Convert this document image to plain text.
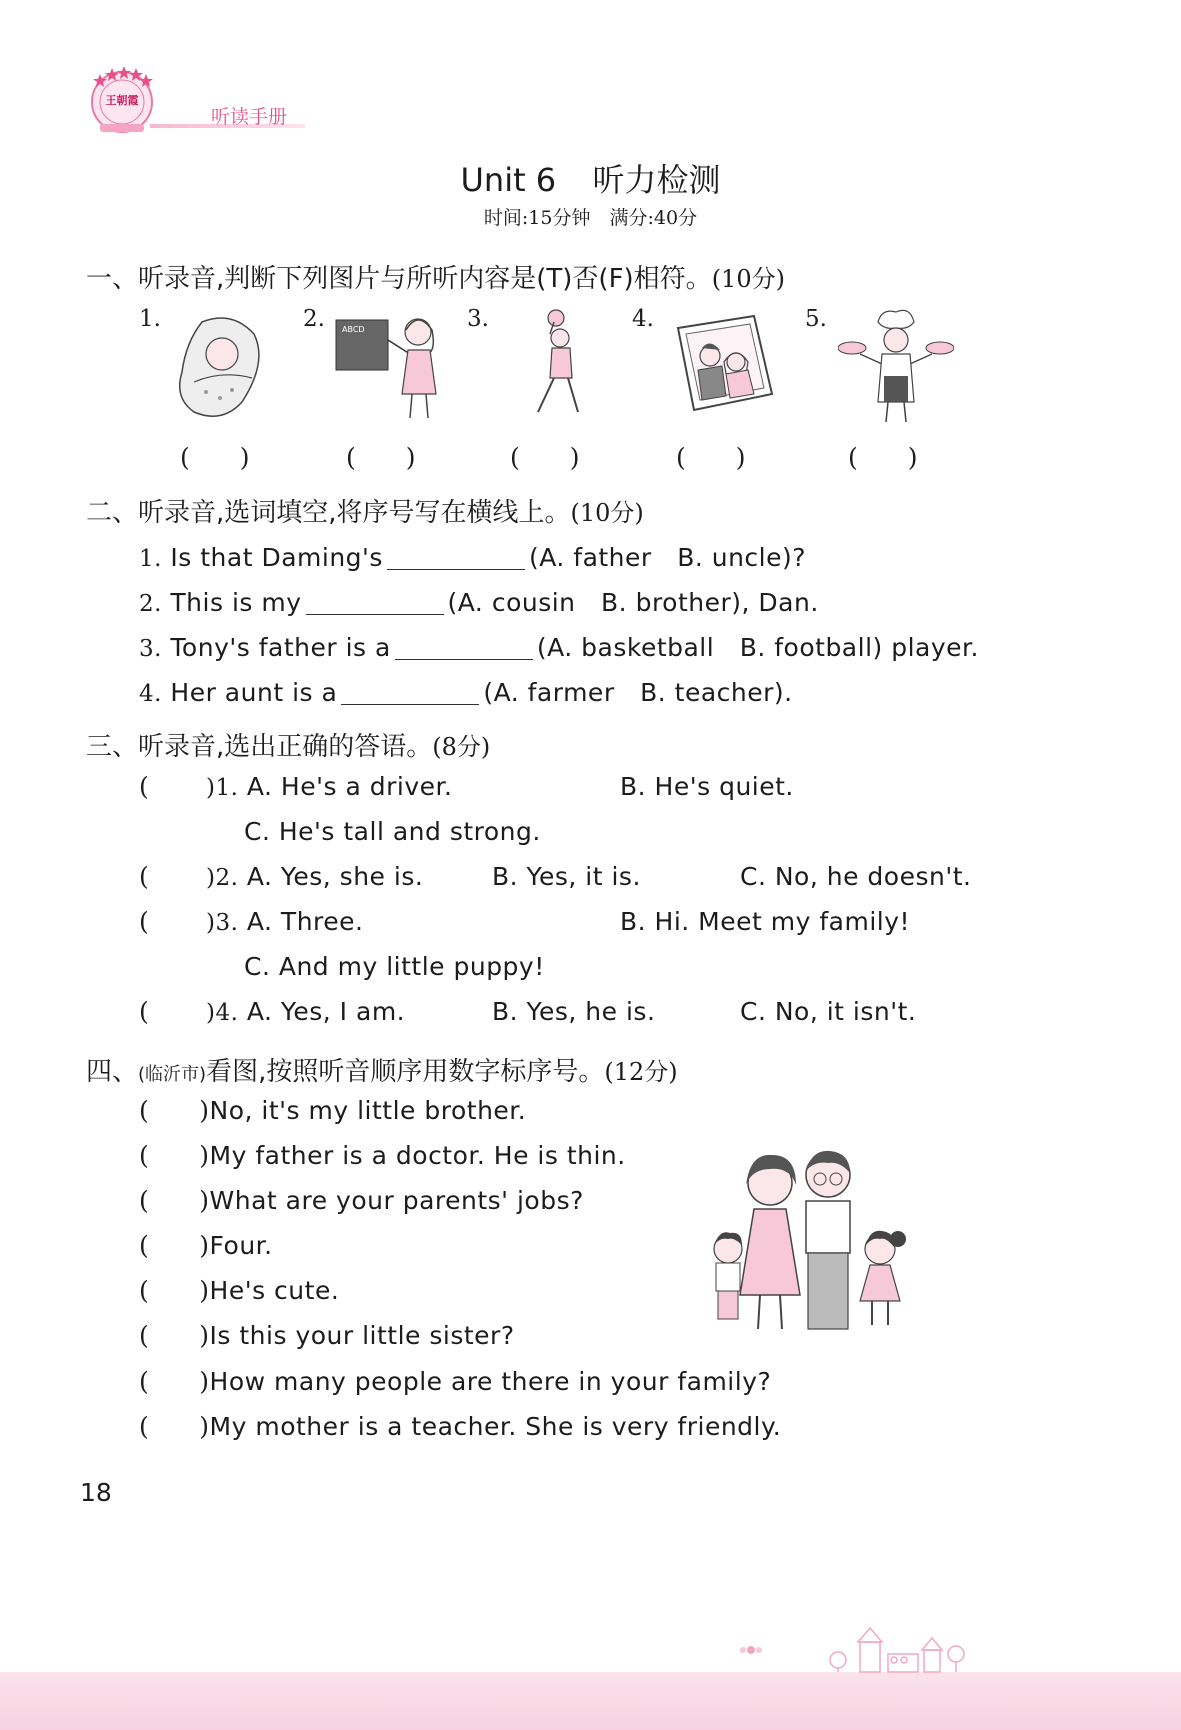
王朝霞
听读手册
Unit 6 听力检测
时间:15分钟　满分:40分
一、听录音,判断下列图片与所听内容是(T)否(F)相符。(10分)
1.	2.	3.	4.	5.
ABCD
(　　)	(　　)	(　　)	(　　)	(　　)
二、听录音,选词填空,将序号写在横线上。(10分)
1. Is that Daming's	(A. father　B. uncle)?
2. This is my	(A. cousin　B. brother), Dan.
3. Tony's father is a	(A. basketball　B. football) player.
4. Her aunt is a	(A. farmer　B. teacher).
三、听录音,选出正确的答语。(8分)
( )1. A. He's a driver.	B. He's quiet.
C. He's tall and strong.
( )2. A. Yes, she is.	B. Yes, it is.	C. No, he doesn't.
( )3. A. Three.	B. Hi. Meet my family!
C. And my little puppy!
( )4. A. Yes, I am.	B. Yes, he is.	C. No, it isn't.
四、(临沂市)看图,按照听音顺序用数字标序号。(12分)
( )No, it's my little brother.
( )My father is a doctor. He is thin.
( )What are your parents' jobs?
( )Four.
( )He's cute.
( )Is this your little sister?
( )How many people are there in your family?
( )My mother is a teacher. She is very friendly.
18
